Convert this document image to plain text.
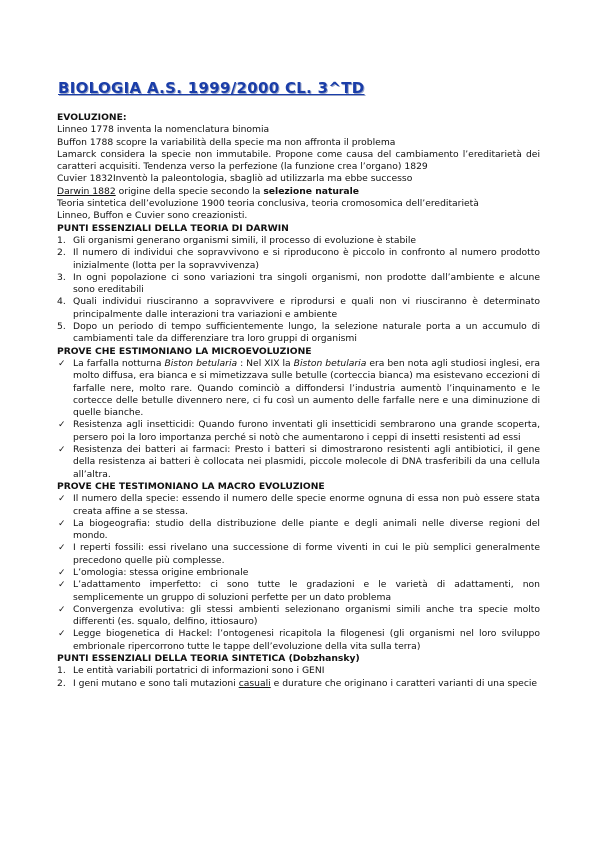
BIOLOGIA A.S. 1999/2000 CL. 3^TD
EVOLUZIONE:
Linneo 1778 inventa la nomenclatura binomia
Buffon 1788 scopre la variabilità della specie ma non affronta il problema
Lamarck considera la specie non immutabile. Propone come causa del cambiamento l’ereditarietà dei caratteri acquisiti. Tendenza verso la perfezione (la funzione crea l’organo) 1829
Cuvier 1832Inventò la paleontologia, sbagliò ad utilizzarla ma ebbe successo
Darwin 1882 origine della specie secondo la selezione naturale
Teoria sintetica dell’evoluzione 1900 teoria conclusiva, teoria cromosomica dell’ereditarietà
Linneo, Buffon e Cuvier sono creazionisti.
PUNTI ESSENZIALI DELLA TEORIA DI DARWIN
1. Gli organismi generano organismi simili, il processo di evoluzione è stabile
2. Il numero di individui che sopravvivono e si riproducono è piccolo in confronto al numero prodotto inizialmente (lotta per la sopravvivenza)
3. In ogni popolazione ci sono variazioni tra singoli organismi, non prodotte dall’ambiente e alcune sono ereditabili
4. Quali individui riusciranno a sopravvivere e riprodursi e quali non vi riusciranno è determinato principalmente dalle interazioni tra variazioni e ambiente
5. Dopo un periodo di tempo sufficientemente lungo, la selezione naturale porta a un accumulo di cambiamenti tale da differenziare tra loro gruppi di organismi
PROVE CHE ESTIMONIANO LA MICROEVOLUZIONE
✓ La farfalla notturna Biston betularia : Nel XIX la Biston betularia era ben nota agli studiosi inglesi, era molto diffusa, era bianca e si mimetizzava sulle betulle (corteccia bianca) ma esistevano eccezioni di farfalle nere, molto rare. Quando cominciò a diffondersi l’industria aumentò l’inquinamento e le cortecce delle betulle divennero nere, ci fu così un aumento delle farfalle nere e una diminuzione di quelle bianche.
✓ Resistenza agli insetticidi: Quando furono inventati gli insetticidi sembrarono una grande scoperta, persero poi la loro importanza perché si notò che aumentarono i ceppi di insetti resistenti ad essi
✓ Resistenza dei batteri ai farmaci: Presto i batteri si dimostrarono resistenti agli antibiotici, il gene della resistenza ai batteri è collocata nei plasmidi, piccole molecole di DNA trasferibili da una cellula all’altra.
PROVE CHE TESTIMONIANO LA MACRO EVOLUZIONE
✓ Il numero della specie: essendo il numero delle specie enorme ognuna di essa non può essere stata creata affine a se stessa.
✓ La biogeografia: studio della distribuzione delle piante e degli animali nelle diverse regioni del mondo.
✓ I reperti fossili: essi rivelano una successione di forme viventi in cui le più semplici generalmente precedono quelle più complesse.
✓ L’omologia: stessa origine embrionale
✓ L’adattamento imperfetto: ci sono tutte le gradazioni e le varietà di adattamenti, non semplicemente un gruppo di soluzioni perfette per un dato problema
✓ Convergenza evolutiva: gli stessi ambienti selezionano organismi simili anche tra specie molto differenti (es. squalo, delfino, ittiosauro)
✓ Legge biogenetica di Hackel: l’ontogenesi ricapitola la filogenesi (gli organismi nel loro sviluppo embrionale ripercorrono tutte le tappe dell’evoluzione della vita sulla terra)
PUNTI ESSENZIALI DELLA TEORIA SINTETICA (Dobzhansky)
1. Le entità variabili portatrici di informazioni sono i GENI
2. I geni mutano e sono tali mutazioni casuali e durature che originano i caratteri varianti di una specie
